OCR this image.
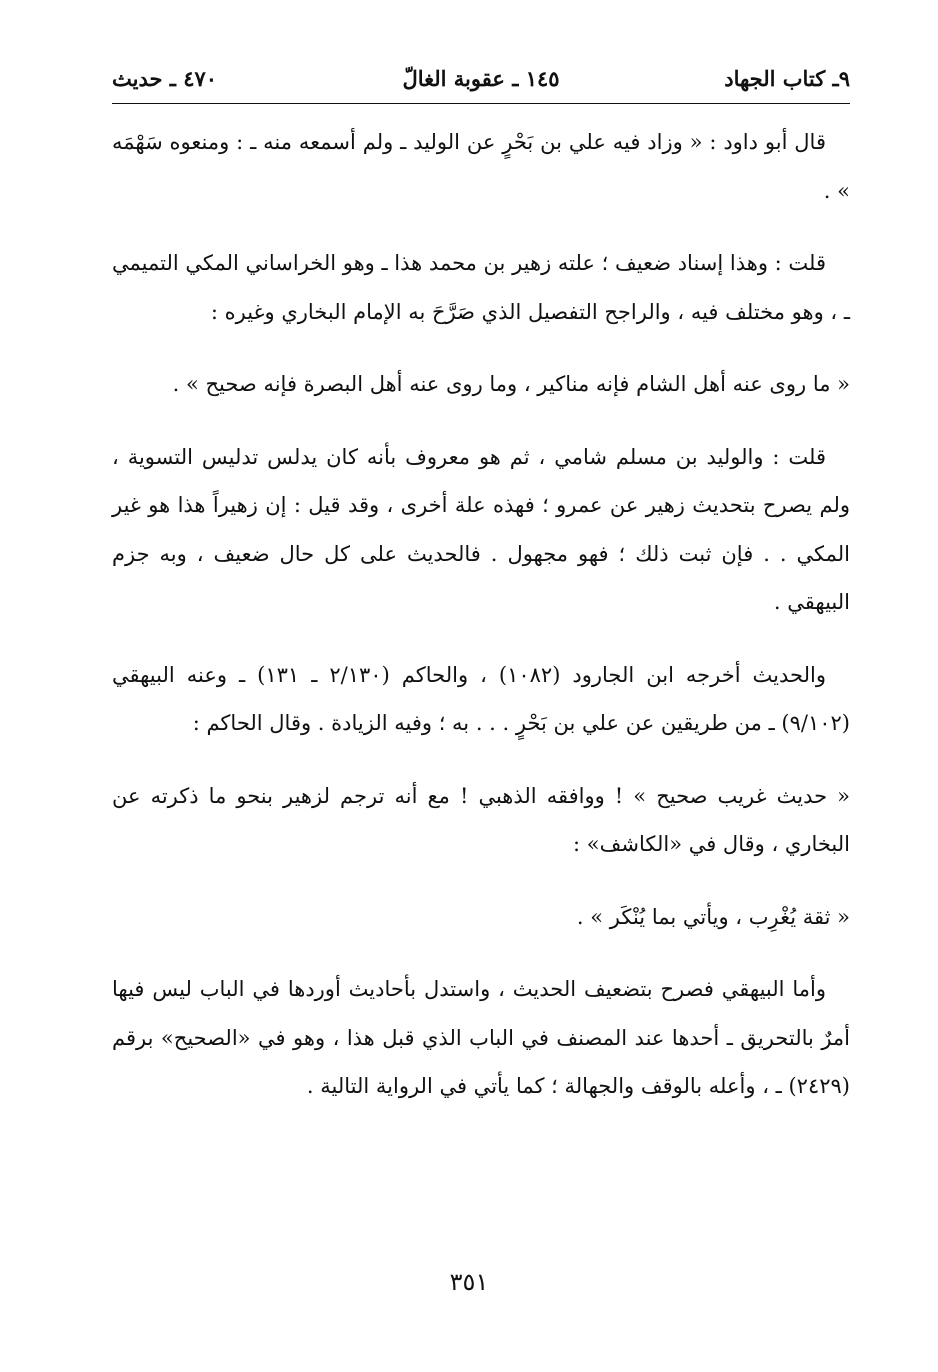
٩ـ كتاب الجهاد
١٤٥ ـ عقوبة الغالّ
٤٧٠ ـ حديث

قال أبو داود : « وزاد فيه علي بن بَحْرٍ عن الوليد ـ ولم أسمعه منه ـ : ومنعوه سَهْمَه » .

قلت : وهذا إسناد ضعيف ؛ علته زهير بن محمد هذا ـ وهو الخراساني المكي التميمي ـ ، وهو مختلف فيه ، والراجح التفصيل الذي صَرَّحَ به الإمام البخاري وغيره :

« ما روى عنه أهل الشام فإنه مناكير ، وما روى عنه أهل البصرة فإنه صحيح » .

قلت : والوليد بن مسلم شامي ، ثم هو معروف بأنه كان يدلس تدليس التسوية ، ولم يصرح بتحديث زهير عن عمرو ؛ فهذه علة أخرى ، وقد قيل : إن زهيراً هذا هو غير المكي . . فإن ثبت ذلك ؛ فهو مجهول . فالحديث على كل حال ضعيف ، وبه جزم البيهقي .

والحديث أخرجه ابن الجارود (١٠٨٢) ، والحاكم (٢/١٣٠ ـ ١٣١) ـ وعنه البيهقي (٩/١٠٢) ـ من طريقين عن علي بن بَحْرٍ . . . به ؛ وفيه الزيادة . وقال الحاكم :

« حديث غريب صحيح » ! ووافقه الذهبي ! مع أنه ترجم لزهير بنحو ما ذكرته عن البخاري ، وقال في «الكاشف» :

« ثقة يُغْرِب ، ويأتي بما يُنْكَر » .

وأما البيهقي فصرح بتضعيف الحديث ، واستدل بأحاديث أوردها في الباب ليس فيها أمرٌ بالتحريق ـ أحدها عند المصنف في الباب الذي قبل هذا ، وهو في «الصحيح» برقم (٢٤٢٩) ـ ، وأعله بالوقف والجهالة ؛ كما يأتي في الرواية التالية .

٣٥١
